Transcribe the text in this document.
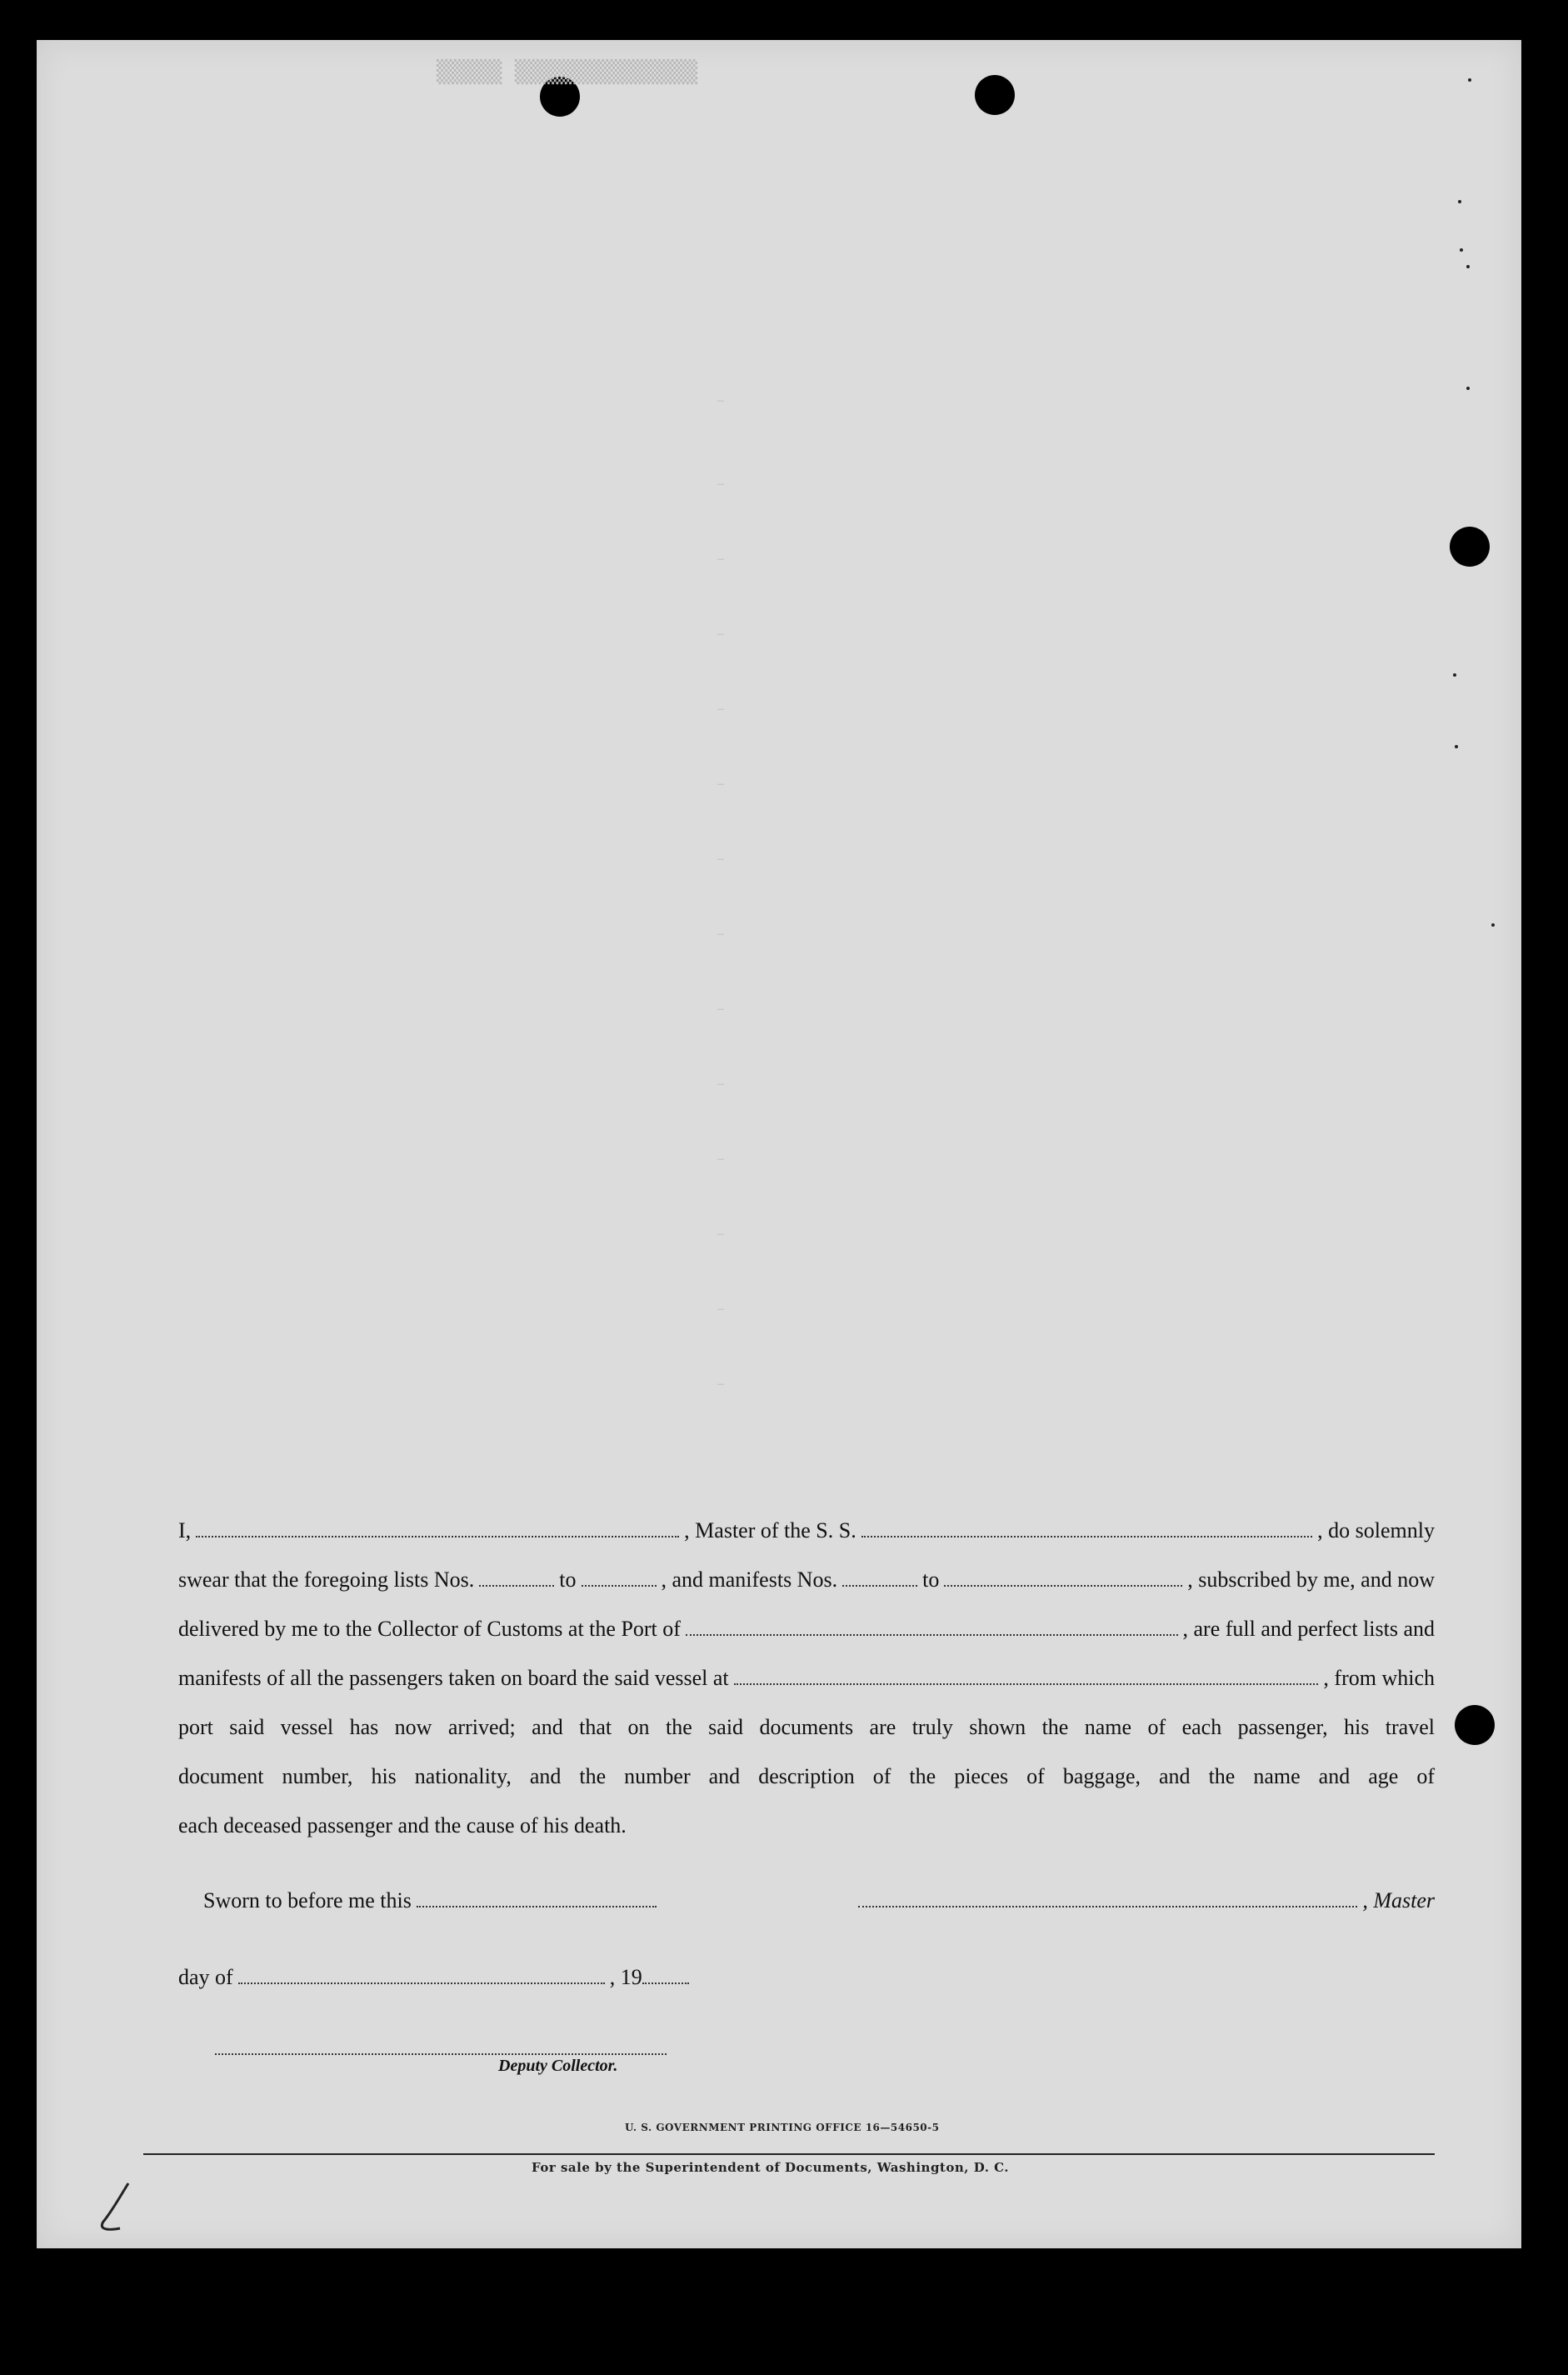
▒▒▒▒▒ ▒▒▒▒▒▒▒▒▒▒▒▒▒▒
–
–
–
–
–
–
–
–
–
–
–
–
–
–
I,	, Master of the S. S.	, do solemnly
swear that the foregoing lists Nos.	to	, and manifests Nos.	to	, subscribed by me, and now
delivered by me to the Collector of Customs at the Port of	, are full and perfect lists and
manifests of all the passengers taken on board the said vessel at	, from which
port said vessel has now arrived; and that on the said documents are truly shown the name of each passenger, his travel
document number, his nationality, and the number and description of the pieces of baggage, and the name and age of
each deceased passenger and the cause of his death.
Sworn to before me this	, Master
day of	, 19
Deputy Collector.
U. S. GOVERNMENT PRINTING OFFICE 16—54650-5
For sale by the Superintendent of Documents, Washington, D. C.
